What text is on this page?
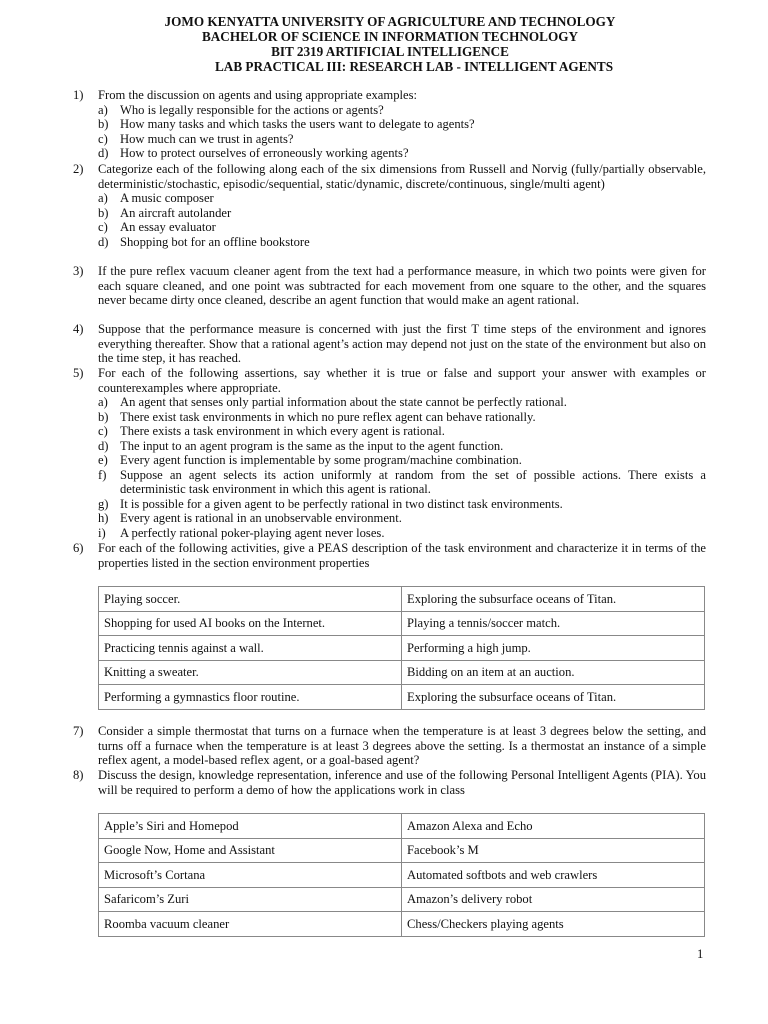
JOMO KENYATTA UNIVERSITY OF AGRICULTURE AND TECHNOLOGY
BACHELOR OF SCIENCE IN INFORMATION TECHNOLOGY
BIT 2319 ARTIFICIAL INTELLIGENCE
LAB PRACTICAL III: RESEARCH LAB - INTELLIGENT AGENTS
1) From the discussion on agents and using appropriate examples:
a) Who is legally responsible for the actions or agents?
b) How many tasks and which tasks the users want to delegate to agents?
c) How much can we trust in agents?
d) How to protect ourselves of erroneously working agents?
2) Categorize each of the following along each of the six dimensions from Russell and Norvig (fully/partially observable, deterministic/stochastic, episodic/sequential, static/dynamic, discrete/continuous, single/multi agent)
a) A music composer
b) An aircraft autolander
c) An essay evaluator
d) Shopping bot for an offline bookstore
3) If the pure reflex vacuum cleaner agent from the text had a performance measure, in which two points were given for each square cleaned, and one point was subtracted for each movement from one square to the other, and the squares never became dirty once cleaned, describe an agent function that would make an agent rational.
4) Suppose that the performance measure is concerned with just the first T time steps of the environment and ignores everything thereafter. Show that a rational agent’s action may depend not just on the state of the environment but also on the time step, it has reached.
5) For each of the following assertions, say whether it is true or false and support your answer with examples or counterexamples where appropriate.
a) An agent that senses only partial information about the state cannot be perfectly rational.
b) There exist task environments in which no pure reflex agent can behave rationally.
c) There exists a task environment in which every agent is rational.
d) The input to an agent program is the same as the input to the agent function.
e) Every agent function is implementable by some program/machine combination.
f) Suppose an agent selects its action uniformly at random from the set of possible actions. There exists a deterministic task environment in which this agent is rational.
g) It is possible for a given agent to be perfectly rational in two distinct task environments.
h) Every agent is rational in an unobservable environment.
i) A perfectly rational poker-playing agent never loses.
6) For each of the following activities, give a PEAS description of the task environment and characterize it in terms of the properties listed in the section environment properties
Playing soccer.	Exploring the subsurface oceans of Titan.
Shopping for used AI books on the Internet.	Playing a tennis/soccer match.
Practicing tennis against a wall.	Performing a high jump.
Knitting a sweater.	Bidding on an item at an auction.
Performing a gymnastics floor routine.	Exploring the subsurface oceans of Titan.
7) Consider a simple thermostat that turns on a furnace when the temperature is at least 3 degrees below the setting, and turns off a furnace when the temperature is at least 3 degrees above the setting. Is a thermostat an instance of a simple reflex agent, a model-based reflex agent, or a goal-based agent?
8) Discuss the design, knowledge representation, inference and use of the following Personal Intelligent Agents (PIA). You will be required to perform a demo of how the applications work in class
Apple’s Siri and Homepod	Amazon Alexa and Echo
Google Now, Home and Assistant	Facebook’s M
Microsoft’s Cortana	Automated softbots and web crawlers
Safaricom’s Zuri	Amazon’s delivery robot
Roomba vacuum cleaner	Chess/Checkers playing agents
1
